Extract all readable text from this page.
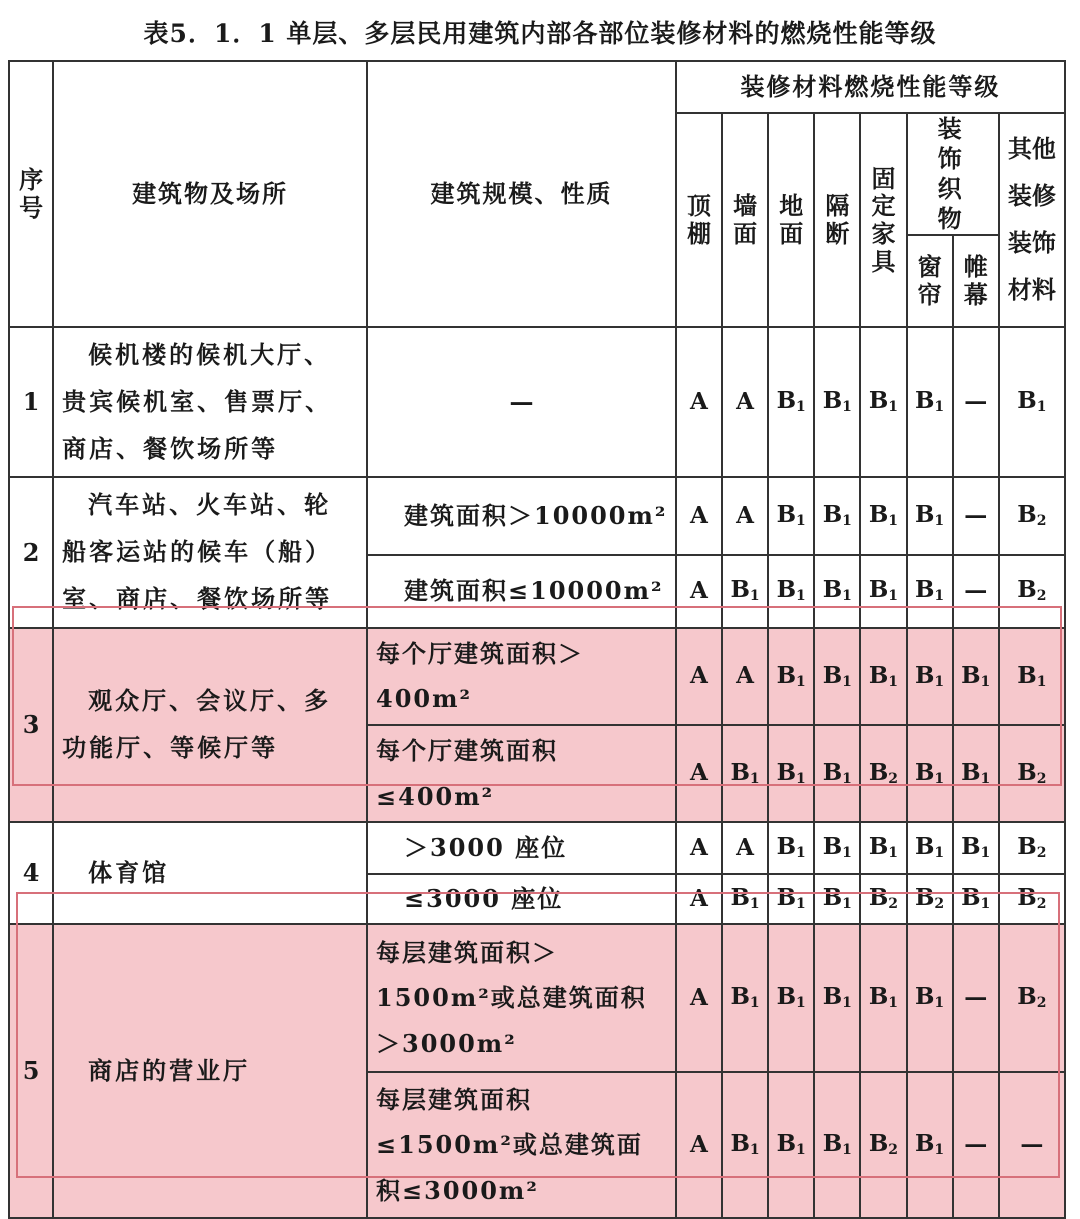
表5．1．1 单层、多层民用建筑内部各部位装修材料的燃烧性能等级
序号	建筑物及场所	建筑规模、性质	装修材料燃烧性能等级							
			顶棚	墙面	地面	隔断	固定家具	装饰织物		其他装修装饰材料
								窗帘	帷幕	
1	候机楼的候机大厅、贵宾候机室、售票厅、商店、餐饮场所等	—	A	A	$B_1$	$B_1$	$B_1$	$B_1$	—	$B_1$
2	汽车站、火车站、轮船客运站的候车（船）室、商店、餐饮场所等	建筑面积＞10000m²	A	A	$B_1$	$B_1$	$B_1$	$B_1$	—	$B_2$
		建筑面积≤10000m²	A	$B_1$	$B_1$	$B_1$	$B_1$	$B_1$	—	$B_2$
3	观众厅、会议厅、多功能厅、等候厅等	每个厅建筑面积＞400m²	A	A	$B_1$	$B_1$	$B_1$	$B_1$	$B_1$	$B_1$
		每个厅建筑面积≤400m²	A	$B_1$	$B_1$	$B_1$	$B_2$	$B_1$	$B_1$	$B_2$
4	体育馆	＞3000 座位	A	A	$B_1$	$B_1$	$B_1$	$B_1$	$B_1$	$B_2$
		≤3000 座位	A	$B_1$	$B_1$	$B_1$	$B_2$	$B_2$	$B_1$	$B_2$
5	商店的营业厅	每层建筑面积＞1500m²或总建筑面积＞3000m²	A	$B_1$	$B_1$	$B_1$	$B_1$	$B_1$	—	$B_2$
		每层建筑面积≤1500m²或总建筑面积≤3000m²	A	$B_1$	$B_1$	$B_1$	$B_2$	$B_1$	—	—
